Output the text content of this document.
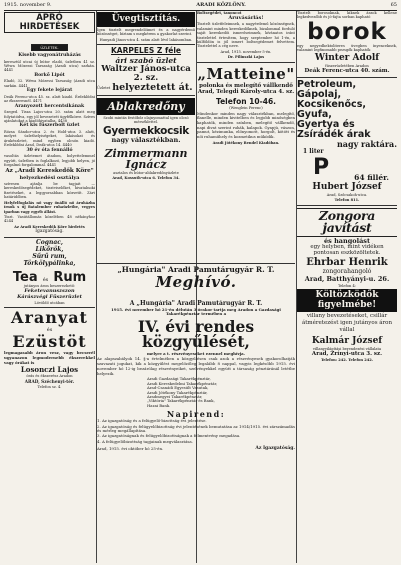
1915. november 9.	ARADI KÖZLÖNY.	65
APRÓ HIRDETÉSEK
ÜZLETEK.
Kisebb vagyonátruházás

keresztül utcai új bútor eladó, üzletben 41 sz. Wéwa Mózessi Tarsaság (Aradi utca) sarkán. 4441

Borkő Lipót

Eladó, 32. Wéwa Mózessi Tarsaság (Aradi utca sarkán. 4441

Egy fekete lejárat

Deák Ferenc-utca 45. sz. alatt kiadó. Érdeklődni az ékszeresnél. 4471

Aranyozott hercentsikának

Szeged. Tisza Lajos-utca 20. szám alatt meg folytatódva, egy jól bevezetett ügyfélkörre. Szíves ajánlatokat a kiadóhivatalba. 4438

Két kis fűszerbolt üzlet

Rózsa Sándor-utca 2. és Hold-utca 3. alatt, melyet üzlethelyiségeket, lakásokat és árukészletet, mind egyben olcsón kiadó. Érdeklődni Arad, Deák-utca 14. 4440

30 év óta fennálló

vasoltás üzletemet átadom, bolyettelemmel együtt, üzletben is foglalkozó, legjobb helyen, jó forgalmú forgalommal. 4441

Az „Aradi Kereskedők Köre"
helyezkedési osztálya

szívesen ajánlja be tagjait — kereskedősegédeket, tisztviselőket, hivatalnoki fizetéseket, a leggyorsabban közvetít. Zárt határidőben.

Helyfelfoglalás nő vagy önálló nő áruházba írnok s új fiatalember ruhaüzletbe, vegyes iparban vagy egyéb állást.

Tiszt. Vasútállomás közelében 48 néhányhoz 4244

Az Aradi Kereskedők Köre hirdetés

Igazgatóság.

Cognac,
Likőrök,
Sűrű rum,
Törkölypálinka,
Tea és Rum

jutányos áron beszerezhető:

Feketevanuszszon
Kárászvégi Fűszerüzlet

Lövöldő utcában

Aranyat
és
Ezüstöt

legmagasabb áron vesz, vagy becserél ugyanazon legmodernebb ékszerekkel vagy órákat is

Losonczi Lajos

órás és ékszerész Aradon

ARAD, Széchenyi-tér.

Telefon sz. 4.

Üvegtisztítás.

Igen tisztelt megrendelőimet és a nagyérdemű közönséget, bíztam s megkérem a gyakorlat szerint.

Hunyadi János-utca 4. szám alatt lévő lakásomban.

KARPELES Z féle
ári szabó üzlet
Waltzer János-utca 2. sz.
Üzletet helyeztetett át.
Ablakredőny

Szobi mintás festőbőz olajnyomattal igen olcsó mérséklettel.

Gyermekkocsik
nagy választékban.
Zimmermann Ignácz

asztalos és bútor-ablakredőnyüzlete

Arad, Kossuth-utca 6. Telefon 34.

Boltsegédet, tanoncot

Áruvásárlás!

Tisztelt üzletfeleimnek, a nagyérdemű közönségnek, valamint minden kereskedőknek, bizalommal forduló saját kereskedői ismerőseimnek, kívánatos iránt tisztelettel értesítem, hogy szeptember hó 1-én, a külföldön is jól ismert boltsegédemet felvettem. Tisztelettel a cég neve.

Arad, 1915. november 5-én.

Dr. Pilinszki Lajos

„Matteine"
polonka és melegítő vállkendő
Arad, Telegdi Károly-utca 4. sz.
Telefon 10-46.

(Wenglein Ferenc)

Mindenkor minden nagy választékban, melegítő, flanelle, minden kivitelben és legjobb minőségben kaphatók, minden színben, melegítő vállkendő, napi divat szerint ruhák, kalapok. Gyapjú, vászon, pamut, kézimunka, előnyomott, horgolt, kötött és női ruhaműhely és kozmetikus működik.

Aradi Jótékony Rendel Kiadóban.

„Hungária" Aradi Pamutárugyár R. T.
Meghívó.
A „Hungária" Aradi Pamutárugyár R. T.

1915. évi november hó 21-én délután 3 órakor tartja meg Aradon a Gazdasági Takarékpénztár termében a

IV. évi rendes közgyűlését,

melyre a t. részvényeseket ezennel meghívja.

Az alapszabályok 14. §-a értelmében a közgyűlésen csak azok a részvényesek gyakorolhatják szavazati jogukat, kik a közgyűlést megelőzőleg legalább 8 nappal, vagyis legkésőbb 1915. évi november hó 12-ig bezárólag részvényeiket, szelvényekkel együtt a társaság pénztáránál letétbe helyezik.

Aradi Gazdasági Takarékpénztár,

Aradi Kereskedelmi Takarékpénztár,

Arad-Csanádi Egyesült Vasutak,

Aradi Jótékony Takarékpénztár,

Aradmegyei Takarékpénztár,

„Viktória" Takarékpénztár és Bank,

Hazai Bank.

Napirend:

1. Az igazgatóság és a felügyelő-bizottság évi jelentése.

2. Az igazgatóság és felügyelőbizottság évi jelentésének bemutatása az 1914/1915. évi zárszámadás és mérleg megállapítása.

3. Az igazgatóságnak és felügyelőbizottságnak a felmentvény megadása.

4. A felügyelőbizottság tagjainak megválasztása.

Arad, 1915. évi október hó 25-én.	Az Igazgatóság.

Tisztelt borosoknak, kiknek ászok kellene legkedvezőbb és jó-fajta sorban kapható

borok

egy negyedhektoliteres üvegben ínyenceknek, valamint legfinomabb pezsgők kaphatók

Winter Adolf

füszerüzletében Aradon

Deák Ferenc-utca 40. szám.
Petroleum,
Gápolaj,
Kocsikenőcs,
Gyufa,
Gyertya és
Zsírádék árak
nagy raktára.
1 liter
P	64 fillér.
Hubert József

Arad, Szőcsakoh-utca.

Telefon 811.

Zongora javítást
és hangolást
egy helyben, mint vidéken pontosan eszközöltetek.
Ehrbar Henrik
zongorahangoló
Arad, Batthyányi-u. 26.

Telefon 4:

Költözködők figyelmébe!
villany bevezetéseket, csillár átméretezést igen jutányos áron vállal
Kalmár József

villanyvilágítási berendezési vállalata

Arad, Zrínyi-utca 3. sz.

Telefon: 242. Telefon 242.
